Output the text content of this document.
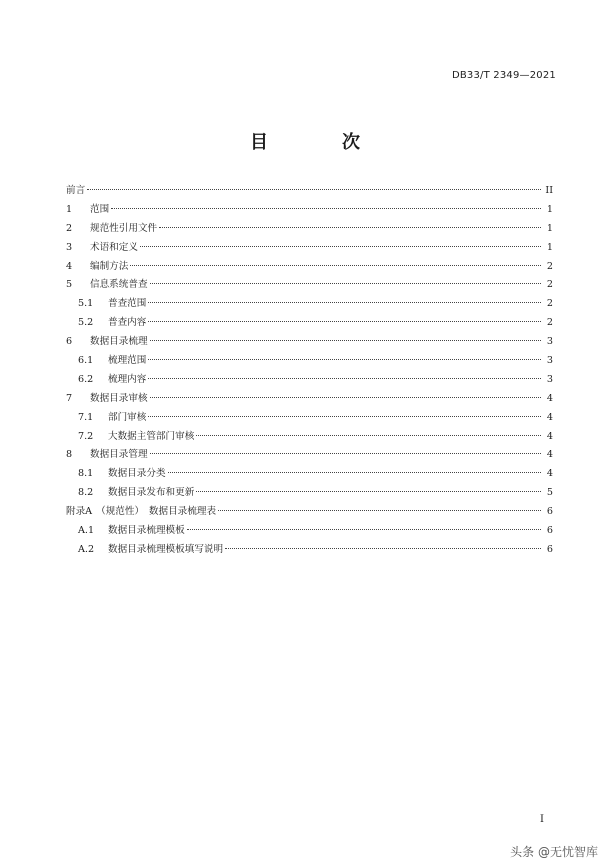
DB33/T 2349—2021
目　次
前言	II
1	范围	1
2	规范性引用文件	1
3	术语和定义	1
4	编制方法	2
5	信息系统普查	2
5.1	普查范围	2
5.2	普查内容	2
6	数据目录梳理	3
6.1	梳理范围	3
6.2	梳理内容	3
7	数据目录审核	4
7.1	部门审核	4
7.2	大数据主管部门审核	4
8	数据目录管理	4
8.1	数据目录分类	4
8.2	数据目录发布和更新	5
附录A （规范性）　数据目录梳理表	6
A.1	数据目录梳理模板	6
A.2	数据目录梳理模板填写说明	6
I
头条 @无忧智库
